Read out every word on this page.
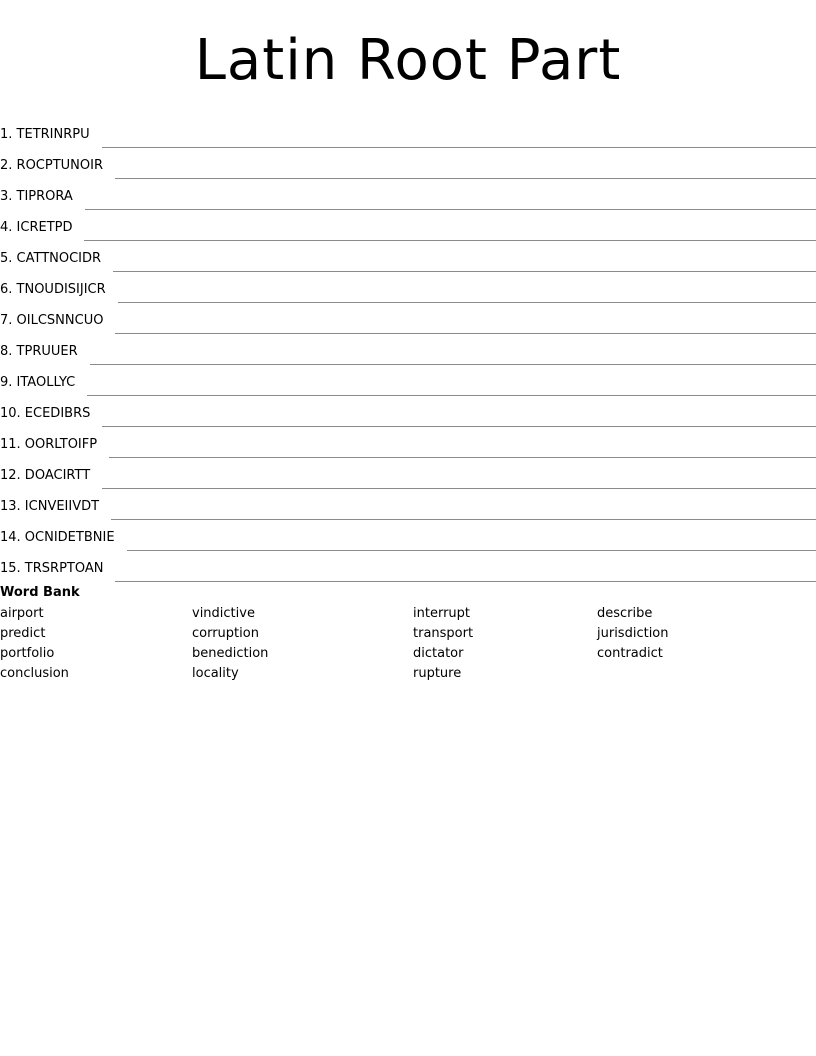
Latin Root Part
1. TETRINRPU
2. ROCPTUNOIR
3. TIPRORA
4. ICRETPD
5. CATTNOCIDR
6. TNOUDISIJICR
7. OILCSNNCUO
8. TPRUUER
9. ITAOLLYC
10. ECEDIBRS
11. OORLTOIFP
12. DOACIRTT
13. ICNVEIIVDT
14. OCNIDETBNIE
15. TRSRPTOAN
Word Bank
airport
predict
portfolio
conclusion
vindictive
corruption
benediction
locality
interrupt
transport
dictator
rupture
describe
jurisdiction
contradict
